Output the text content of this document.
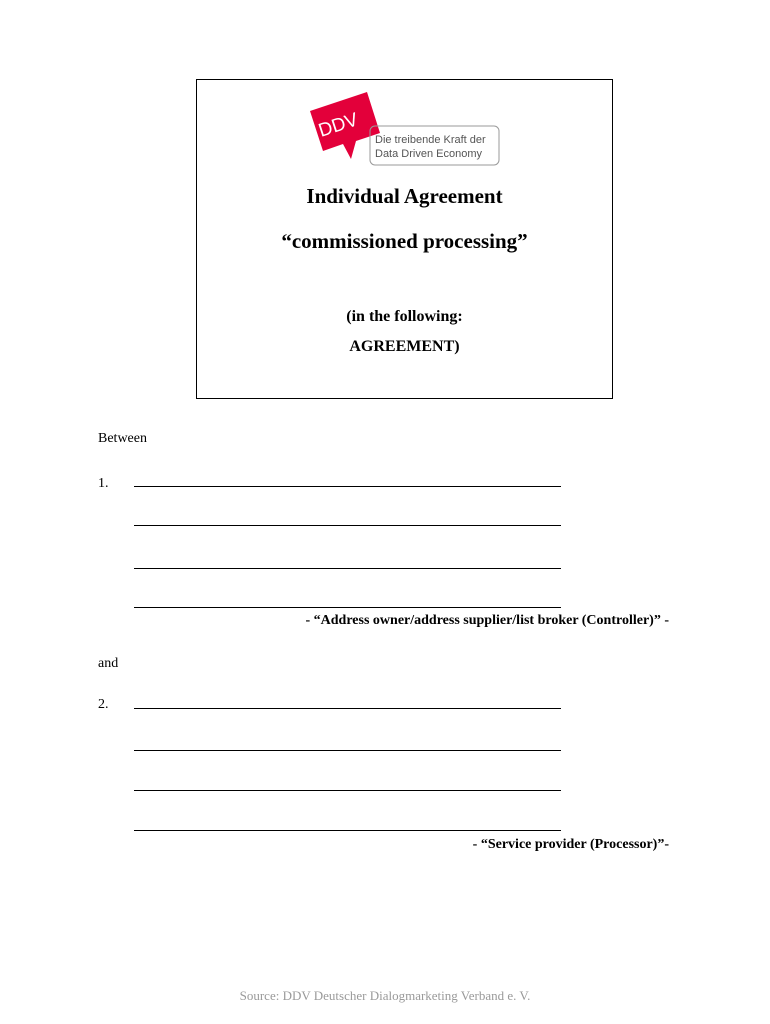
DDV Die treibende Kraft der
Data Driven Economy

Individual Agreement

“commissioned processing”

(in the following:

AGREEMENT)

Between

1.
- “Address owner/address supplier/list broker (Controller)” -

and

2.
- “Service provider (Processor)”-
Source: DDV Deutscher Dialogmarketing Verband e. V.
